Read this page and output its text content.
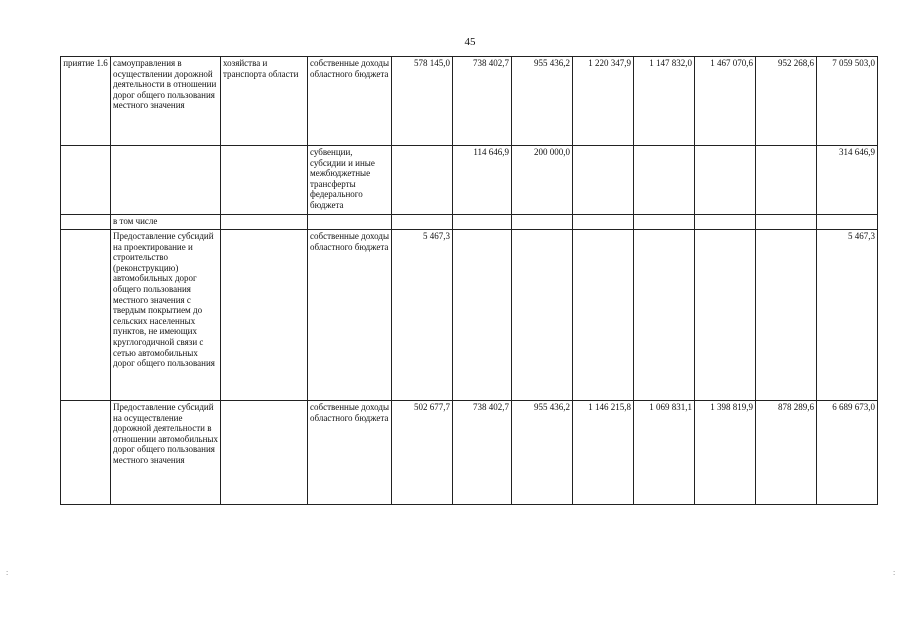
45
приятие 1.6	самоуправления в осуществлении дорожной деятельности в отношении дорог общего пользования местного значения	хозяйства и транспорта области	собственные доходы областного бюджета	578 145,0	738 402,7	955 436,2	1 220 347,9	1 147 832,0	1 467 070,6	952 268,6	7 059 503,0
			субвенции, субсидии и иные межбюджетные трансферты федерального бюджета		114 646,9	200 000,0					314 646,9
	в том числе										
	Предоставление субсидий на проектирование и строительство (реконструкцию) автомобильных дорог общего пользования местного значения с твердым покрытием до сельских населенных пунктов, не имеющих круглогодичной связи с сетью автомобильных дорог общего пользования		собственные доходы областного бюджета	5 467,3							5 467,3
	Предоставление субсидий на осуществление дорожной деятельности в отношении автомобильных дорог общего пользования местного значения		собственные доходы областного бюджета	502 677,7	738 402,7	955 436,2	1 146 215,8	1 069 831,1	1 398 819,9	878 289,6	6 689 673,0
:	:
